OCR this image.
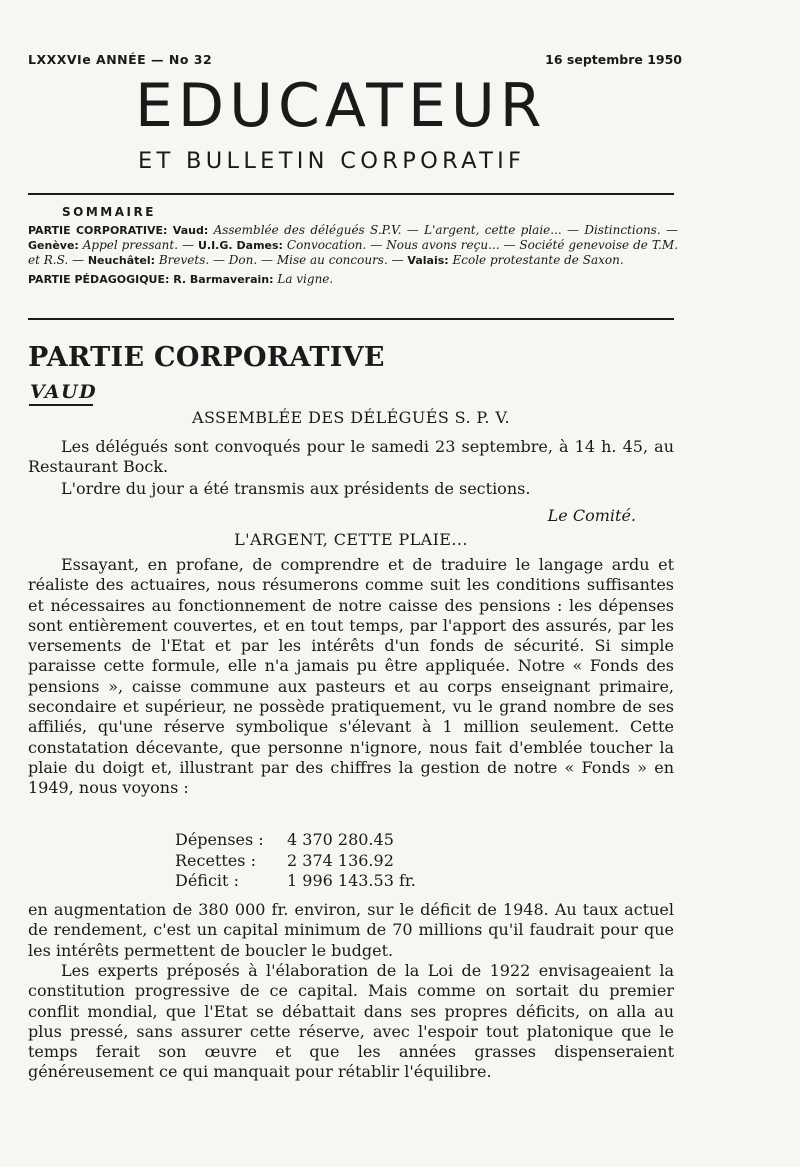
LXXXVIe ANNÉE — No 32	16 septembre 1950
EDUCATEUR
ET BULLETIN CORPORATIF
SOMMAIRE
PARTIE CORPORATIVE: Vaud: Assemblée des délégués S.P.V. — L'argent, cette plaie... — Distinctions. — Genève: Appel pressant. — U.I.G. Dames: Convocation. — Nous avons reçu... — Société genevoise de T.M. et R.S. — Neuchâtel: Brevets. — Don. — Mise au concours. — Valais: Ecole protestante de Saxon.
PARTIE PÉDAGOGIQUE: R. Barmaverain: La vigne.
PARTIE CORPORATIVE
VAUD
ASSEMBLÉE DES DÉLÉGUÉS S. P. V.

Les délégués sont convoqués pour le samedi 23 septembre, à 14 h. 45, au Restaurant Bock.

L'ordre du jour a été transmis aux présidents de sections.

Le Comité.
L'ARGENT, CETTE PLAIE...

Essayant, en profane, de comprendre et de traduire le langage ardu et réaliste des actuaires, nous résumerons comme suit les conditions suffisantes et nécessaires au fonctionnement de notre caisse des pensions : les dépenses sont entièrement couvertes, et en tout temps, par l'apport des assurés, par les versements de l'Etat et par les intérêts d'un fonds de sécurité. Si simple paraisse cette formule, elle n'a jamais pu être appliquée. Notre « Fonds des pensions », caisse commune aux pasteurs et au corps enseignant primaire, secondaire et supérieur, ne possède pratiquement, vu le grand nombre de ses affiliés, qu'une réserve symbolique s'élevant à 1 million seulement. Cette constatation décevante, que personne n'ignore, nous fait d'emblée toucher la plaie du doigt et, illustrant par des chiffres la gestion de notre « Fonds » en 1949, nous voyons :

Dépenses : 4 370 280.45
Recettes : 2 374 136.92
Déficit :	1 996 143.53 fr.

en augmentation de 380 000 fr. environ, sur le déficit de 1948. Au taux actuel de rendement, c'est un capital minimum de 70 millions qu'il faudrait pour que les intérêts permettent de boucler le budget.

Les experts préposés à l'élaboration de la Loi de 1922 envisageaient la constitution progressive de ce capital. Mais comme on sortait du premier conflit mondial, que l'Etat se débattait dans ses propres déficits, on alla au plus pressé, sans assurer cette réserve, avec l'espoir tout platonique que le temps ferait son œuvre et que les années grasses dispenseraient généreusement ce qui manquait pour rétablir l'équilibre.
